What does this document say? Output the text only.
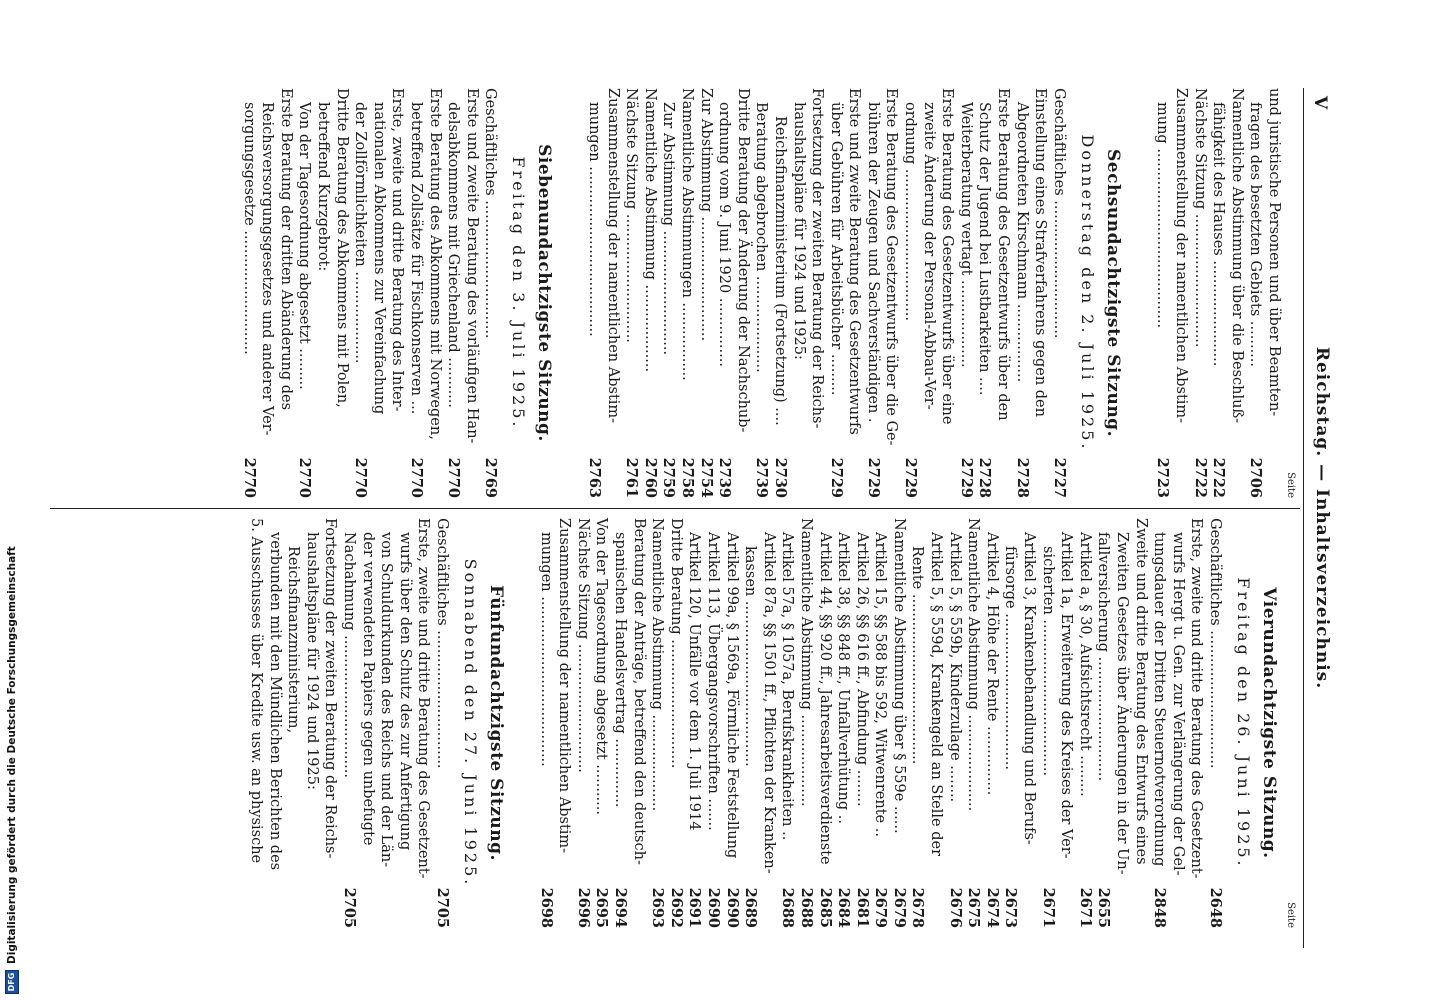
V
Reichstag. — Inhaltsverzeichnis.
Seite
und juristische Personen und über Beamten-
fragen des besetzten Gebiets ..........
2706
Namentliche Abstimmung über die Beschluß-
fähigkeit des Hauses .......................
2722
Nächste Sitzung .............................
2722
Zusammenstellung der namentlichen Abstim-
mung .......................................
2723
Sechsundachtzigste Sitzung.
Donnerstag den 2. Juli 1925.
Geschäftliches ..............................
2727
Einstellung eines Strafverfahrens gegen den
Abgeordneten Kirschmann .................
2728
Erste Beratung des Gesetzentwurfs über den
Schutz der Jugend bei Lustbarkeiten ....
2728
Weiterberatung vertagt ...................
2729
Erste Beratung des Gesetzentwurfs über eine
zweite Änderung der Personal-Abbau-Ver-
ordnung .................................
2729
Erste Beratung des Gesetzentwurfs über die Ge-
bühren der Zeugen und Sachverständigen .
2729
Erste und zweite Beratung des Gesetzentwurfs
über Gebühren für Arbeitsbücher .........
2729
Fortsetzung der zweiten Beratung der Reichs-
haushaltspläne für 1924 und 1925:
Reichsfinanzministerium (Fortsetzung) ....
2730
Beratung abgebrochen .....................
2739
Dritte Beratung der Änderung der Nachschub-
ordnung vom 9. Juni 1920 ...............
2739
Zur Abstimmung ...........................
2754
Namentliche Abstimmungen .................
2758
Zur Abstimmung ...........................
2759
Namentliche Abstimmung ...................
2760
Nächste Sitzung ............................
2761
Zusammenstellung der namentlichen Abstim-
mungen .....................................
2763
Siebenundachtzigste Sitzung.
Freitag den 3. Juli 1925.
Geschäftliches ..............................
2769
Erste und zweite Beratung des vorläufigen Han-
delsabkommens mit Griechenland ...........
2770
Erste Beratung des Abkommens mit Norwegen,
betreffend Zollsätze für Fischkonserven ...
2770
Erste, zweite und dritte Beratung des Inter-
nationalen Abkommens zur Vereinfachung
der Zollförmlichkeiten ....................
2770
Dritte Beratung des Abkommens mit Polen,
betreffend Kurzgebrot:
Von der Tagesordnung abgesetzt .........
2770
Erste Beratung der dritten Abänderung des
Reichsversorgungsgesetzes und anderer Ver-
sorgungsgesetze ...........................
2770
Seite
Vierundachtzigste Sitzung.
Freitag den 26. Juni 1925.
Geschäftliches ..............................
2648
Erste, zweite und dritte Beratung des Gesetzent-
wurfs Hergt u. Gen. zur Verlängerung der Gel-
tungsdauer der Dritten Steuernotverordnung
2848
Zweite und dritte Beratung des Entwurfs eines
Zweiten Gesetzes über Änderungen in der Un-
fallversicherung ...........................
2655
Artikel a, § 30, Aufsichtsrecht .........
2671
Artikel 1a, Erweiterung des Kreises der Ver-
sicherten ..................................
2671
Artikel 3, Krankenbehandlung und Berufs-
fürsorge ..................................
2673
Artikel 4, Höhe der Rente ...............
2674
Namentliche Abstimmung .....................
2675
Artikel 5, § 559b, Kinderzulage ........
2676
Artikel 5, § 559d, Krankengeld an Stelle der
Rente .....................................
2678
Namentliche Abstimmung über § 559e ......
2679
Artikel 15, §§ 588 bis 592, Witwenrente ..
2679
Artikel 26, §§ 616 ff., Abfindung ........
2681
Artikel 38, §§ 848 ff., Unfallverhütung ..
2684
Artikel 44, §§ 920 ff., Jahresarbeitsverdienste
2685
Namentliche Abstimmung ....................
2688
Artikel 57a, § 1057a, Berufskrankheiten ..
2688
Artikel 87a, §§ 1501 ff., Pflichten der Kranken-
kassen ....................................
2689
Artikel 99a, § 1569a, Förmliche Feststellung
2690
Artikel 113, Übergangsvorschriften .......
2690
Artikel 120, Unfälle vor dem 1. Juli 1914
2691
Dritte Beratung ............................
2692
Namentliche Abstimmung .....................
2693
Beratung der Anträge, betreffend den deutsch-
spanischen Handelsvertrag ...............
2694
Von der Tagesordnung abgesetzt ...........
2695
Nächste Sitzung ............................
2696
Zusammenstellung der namentlichen Abstim-
mungen .....................................
2698
Fünfundachtzigste Sitzung.
Sonnabend den 27. Juni 1925.
Geschäftliches ..............................
2705
Erste, zweite und dritte Beratung des Gesetzent-
wurfs über den Schutz des zur Anfertigung
von Schuldurkunden des Reichs und der Län-
der verwendeten Papiers gegen unbefugte
Nachahmung ...............................
2705
Fortsetzung der zweiten Beratung der Reichs-
haushaltspläne für 1924 und 1925:
Reichsfinanzministerium,
verbunden mit den Mündlichen Berichten des
5. Ausschusses über Kredite usw. an physische
DFG
Digitalisierung gefördert durch die Deutsche Forschungsgemeinschaft
